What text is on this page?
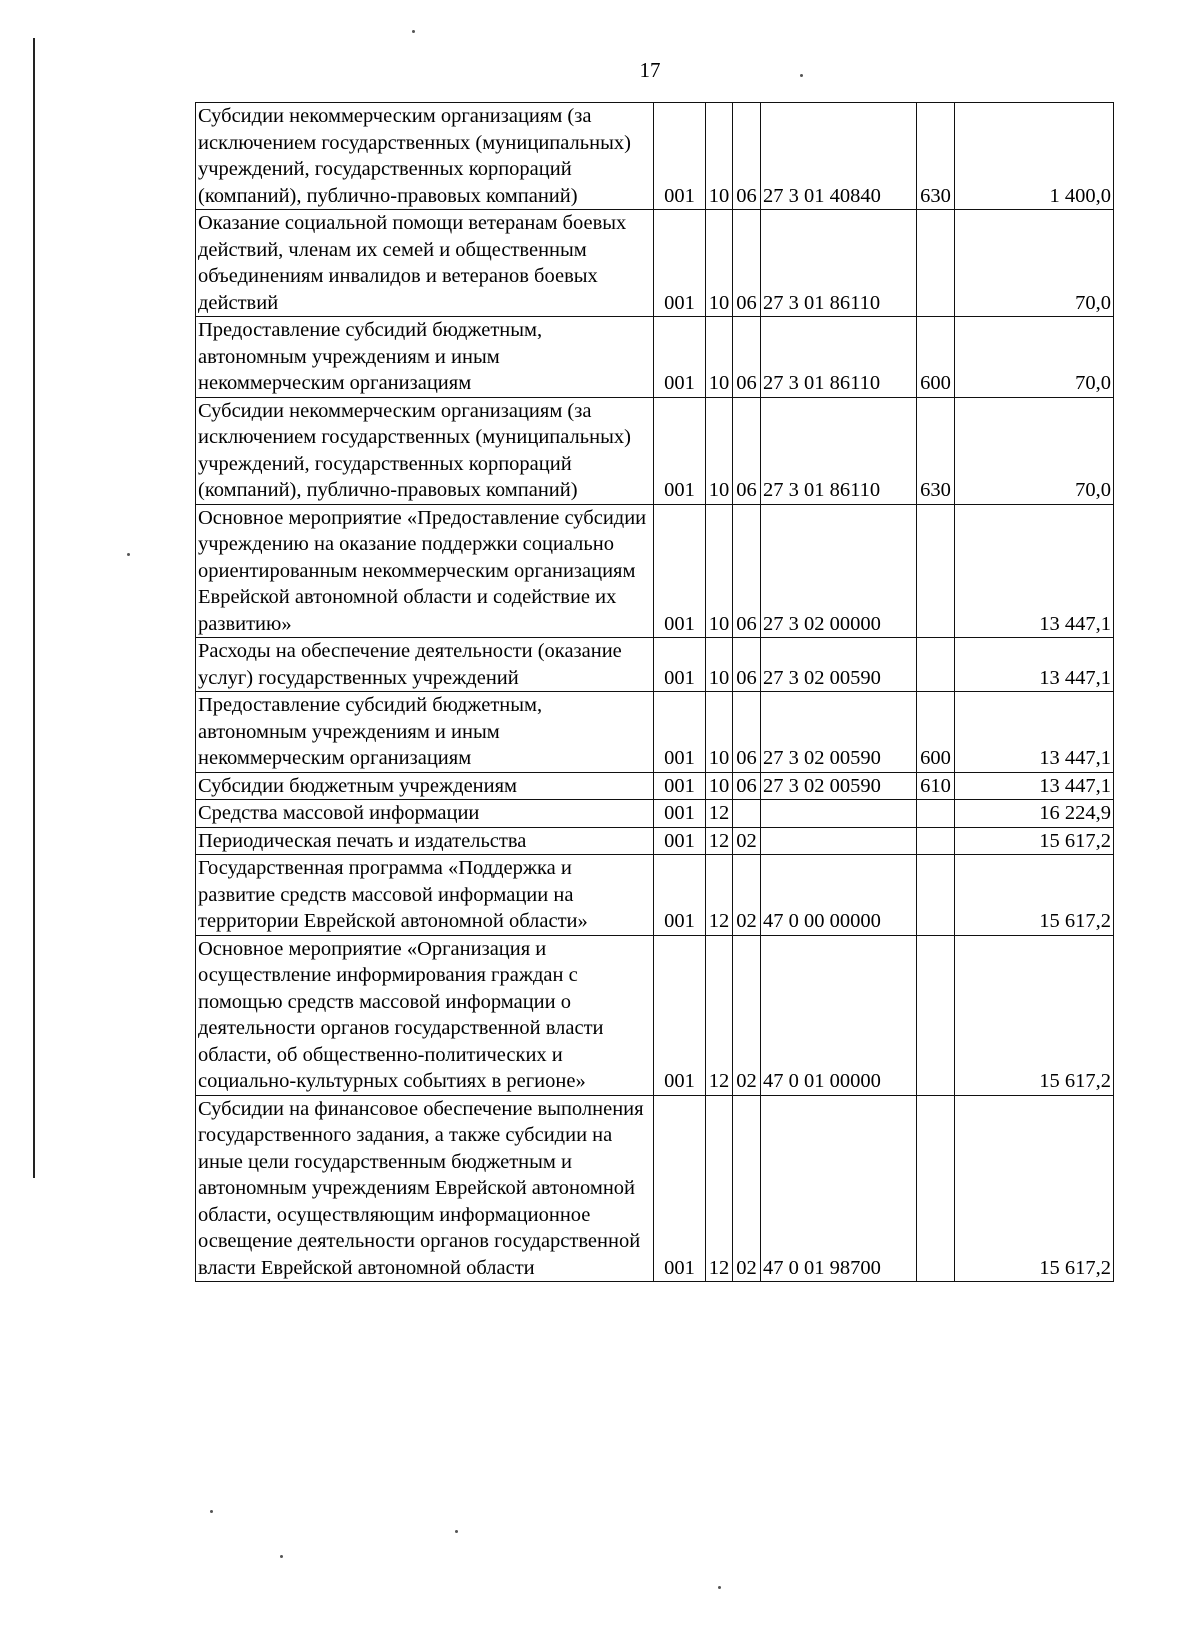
17
Субсидии некоммерческим организациям (за исключением государственных (муниципальных) учреждений, государственных корпораций (компаний), публично-правовых компаний)	001	10	06	27 3 01 40840	630	1 400,0
Оказание социальной помощи ветеранам боевых действий, членам их семей и общественным объединениям инвалидов и ветеранов боевых действий	001	10	06	27 3 01 86110		70,0
Предоставление субсидий бюджетным, автономным учреждениям и иным некоммерческим организациям	001	10	06	27 3 01 86110	600	70,0
Субсидии некоммерческим организациям (за исключением государственных (муниципальных) учреждений, государственных корпораций (компаний), публично-правовых компаний)	001	10	06	27 3 01 86110	630	70,0
Основное мероприятие «Предоставление субсидии учреждению на оказание поддержки социально ориентированным некоммерческим организациям Еврейской автономной области и содействие их развитию»	001	10	06	27 3 02 00000		13 447,1
Расходы на обеспечение деятельности (оказание услуг) государственных учреждений	001	10	06	27 3 02 00590		13 447,1
Предоставление субсидий бюджетным, автономным учреждениям и иным некоммерческим организациям	001	10	06	27 3 02 00590	600	13 447,1
Субсидии бюджетным учреждениям	001	10	06	27 3 02 00590	610	13 447,1
Средства массовой информации	001	12				16 224,9
Периодическая печать и издательства	001	12	02			15 617,2
Государственная программа «Поддержка и развитие средств массовой информации на территории Еврейской автономной области»	001	12	02	47 0 00 00000		15 617,2
Основное мероприятие «Организация и осуществление информирования граждан с помощью средств массовой информации о деятельности органов государственной власти области, об общественно-политических и социально-культурных событиях в регионе»	001	12	02	47 0 01 00000		15 617,2
Субсидии на финансовое обеспечение выполнения государственного задания, а также субсидии на иные цели государственным бюджетным и автономным учреждениям Еврейской автономной области, осуществляющим информационное освещение деятельности органов государственной власти Еврейской автономной области	001	12	02	47 0 01 98700		15 617,2
